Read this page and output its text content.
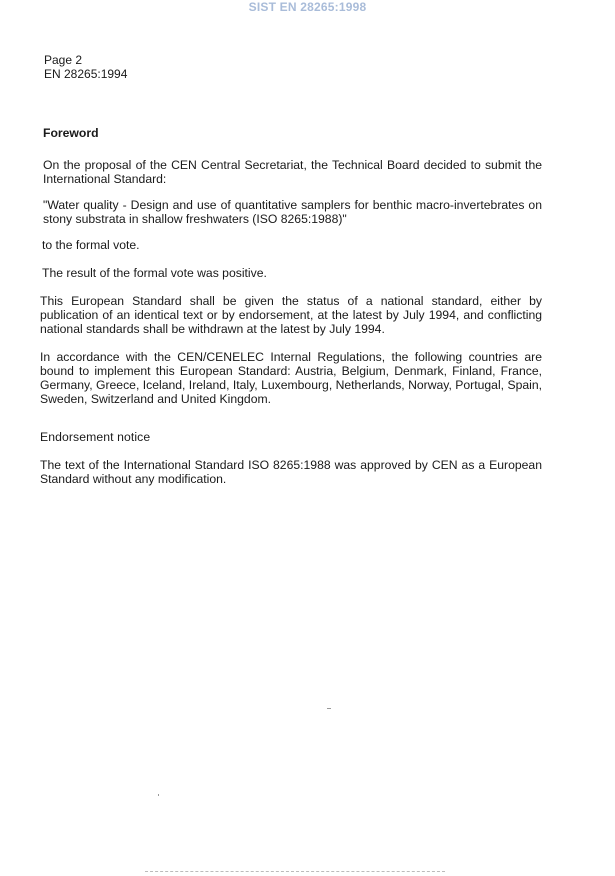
SIST EN 28265:1998
Page 2
EN 28265:1994

Foreword

On the proposal of the CEN Central Secretariat, the Technical Board decided to submit the International Standard:

"Water quality - Design and use of quantitative samplers for benthic macro-invertebrates on stony substrata in shallow freshwaters (ISO 8265:1988)"

to the formal vote.

The result of the formal vote was positive.

This European Standard shall be given the status of a national standard, either by publication of an identical text or by endorsement, at the latest by July 1994, and conflicting national standards shall be withdrawn at the latest by July 1994.

In accordance with the CEN/CENELEC Internal Regulations, the following countries are bound to implement this European Standard: Austria, Belgium, Denmark, Finland, France, Germany, Greece, Iceland, Ireland, Italy, Luxembourg, Netherlands, Norway, Portugal, Spain, Sweden, Switzerland and United Kingdom.

Endorsement notice

The text of the International Standard ISO 8265:1988 was approved by CEN as a European Standard without any modification.
